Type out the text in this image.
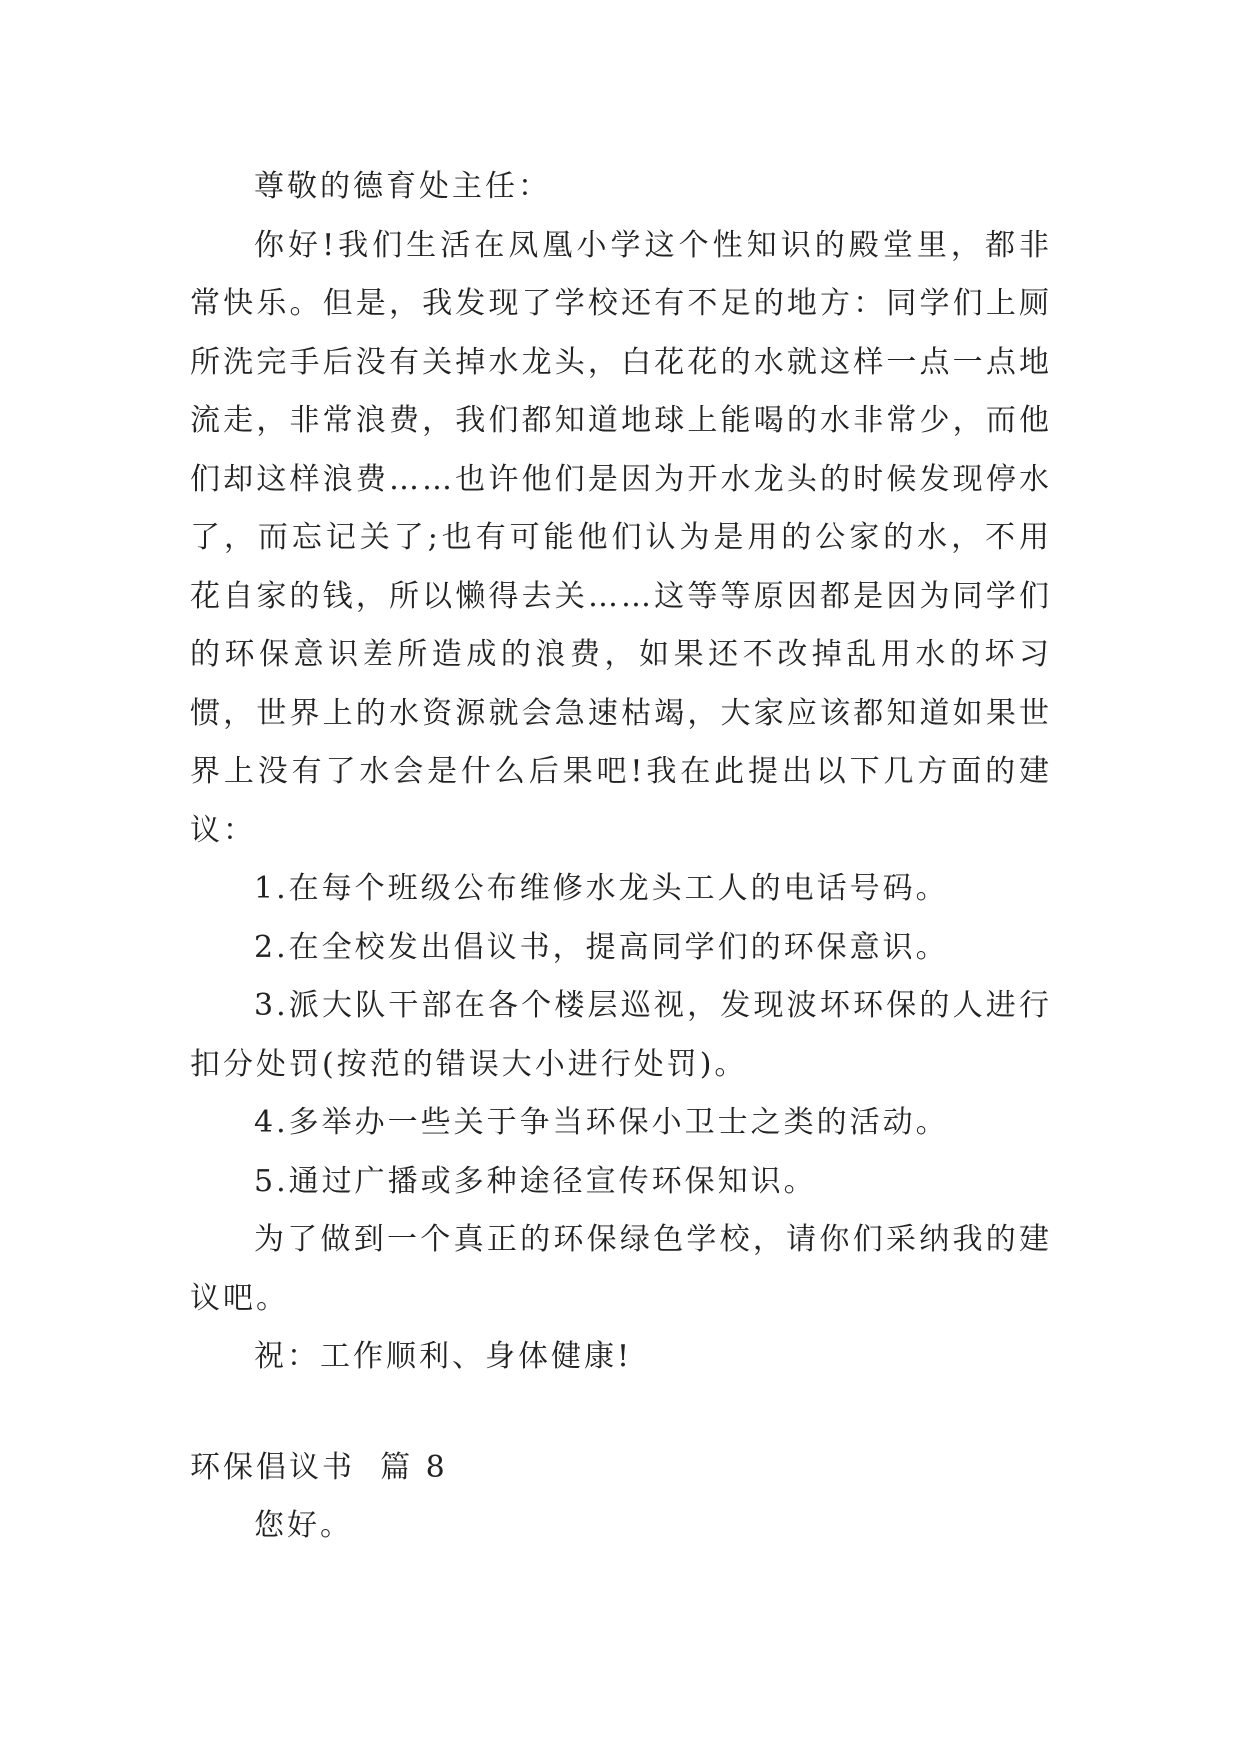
尊敬的德育处主任：

你好!我们生活在凤凰小学这个性知识的殿堂里，都非常快乐。但是，我发现了学校还有不足的地方：同学们上厕所洗完手后没有关掉水龙头，白花花的水就这样一点一点地流走，非常浪费，我们都知道地球上能喝的水非常少，而他们却这样浪费……也许他们是因为开水龙头的时候发现停水了，而忘记关了;也有可能他们认为是用的公家的水，不用花自家的钱，所以懒得去关……这等等原因都是因为同学们的环保意识差所造成的浪费，如果还不改掉乱用水的坏习惯，世界上的水资源就会急速枯竭，大家应该都知道如果世界上没有了水会是什么后果吧!我在此提出以下几方面的建议：

1.在每个班级公布维修水龙头工人的电话号码。

2.在全校发出倡议书，提高同学们的环保意识。

3.派大队干部在各个楼层巡视，发现波坏环保的人进行扣分处罚(按范的错误大小进行处罚)。

4.多举办一些关于争当环保小卫士之类的活动。

5.通过广播或多种途径宣传环保知识。

为了做到一个真正的环保绿色学校，请你们采纳我的建议吧。

祝：工作顺利、身体健康!

环保倡议书  篇 8

您好。
